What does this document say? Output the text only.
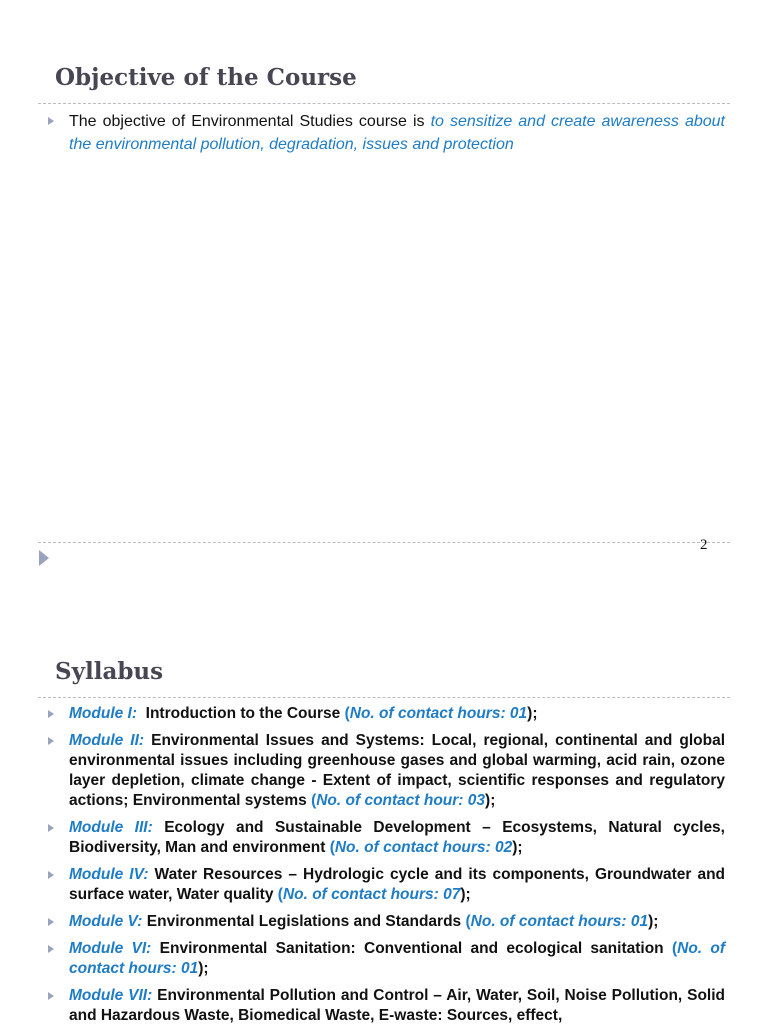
Objective of the Course
The objective of Environmental Studies course is to sensitize and create awareness about the environmental pollution, degradation, issues and protection
2
Syllabus
Module I: Introduction to the Course (No. of contact hours: 01);
Module II: Environmental Issues and Systems: Local, regional, continental and global environmental issues including greenhouse gases and global warming, acid rain, ozone layer depletion, climate change - Extent of impact, scientific responses and regulatory actions; Environmental systems (No. of contact hour: 03);
Module III: Ecology and Sustainable Development – Ecosystems, Natural cycles, Biodiversity, Man and environment (No. of contact hours: 02);
Module IV: Water Resources – Hydrologic cycle and its components, Groundwater and surface water, Water quality (No. of contact hours: 07);
Module V: Environmental Legislations and Standards (No. of contact hours: 01);
Module VI: Environmental Sanitation: Conventional and ecological sanitation (No. of contact hours: 01);
Module VII: Environmental Pollution and Control – Air, Water, Soil, Noise Pollution, Solid and Hazardous Waste, Biomedical Waste, E-waste: Sources, effect,
